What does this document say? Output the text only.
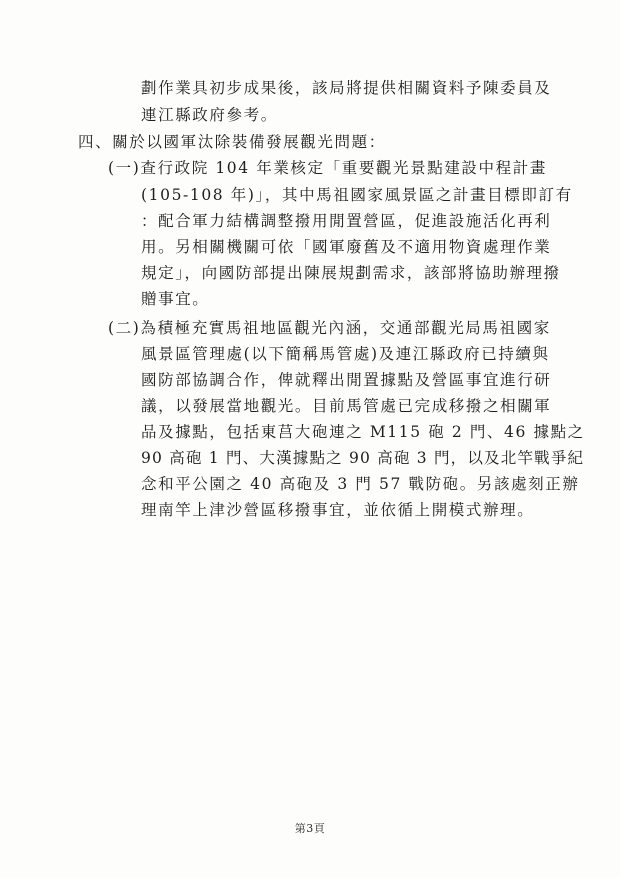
劃作業具初步成果後，該局將提供相關資料予陳委員及
連江縣政府參考。
四、關於以國軍汰除裝備發展觀光問題：
(一)查行政院 104 年業核定「重要觀光景點建設中程計畫
(105-108 年)」，其中馬祖國家風景區之計畫目標即訂有
：配合軍力結構調整撥用閒置營區，促進設施活化再利
用。另相關機關可依「國軍廢舊及不適用物資處理作業
規定」，向國防部提出陳展規劃需求，該部將協助辦理撥
贈事宜。
(二)為積極充實馬祖地區觀光內涵，交通部觀光局馬祖國家
風景區管理處(以下簡稱馬管處)及連江縣政府已持續與
國防部協調合作，俾就釋出閒置據點及營區事宜進行研
議，以發展當地觀光。目前馬管處已完成移撥之相關軍
品及據點，包括東莒大砲連之 M115 砲 2 門、46 據點之
90 高砲 1 門、大漢據點之 90 高砲 3 門，以及北竿戰爭紀
念和平公園之 40 高砲及 3 門 57 戰防砲。另該處刻正辦
理南竿上津沙營區移撥事宜，並依循上開模式辦理。
第3頁
